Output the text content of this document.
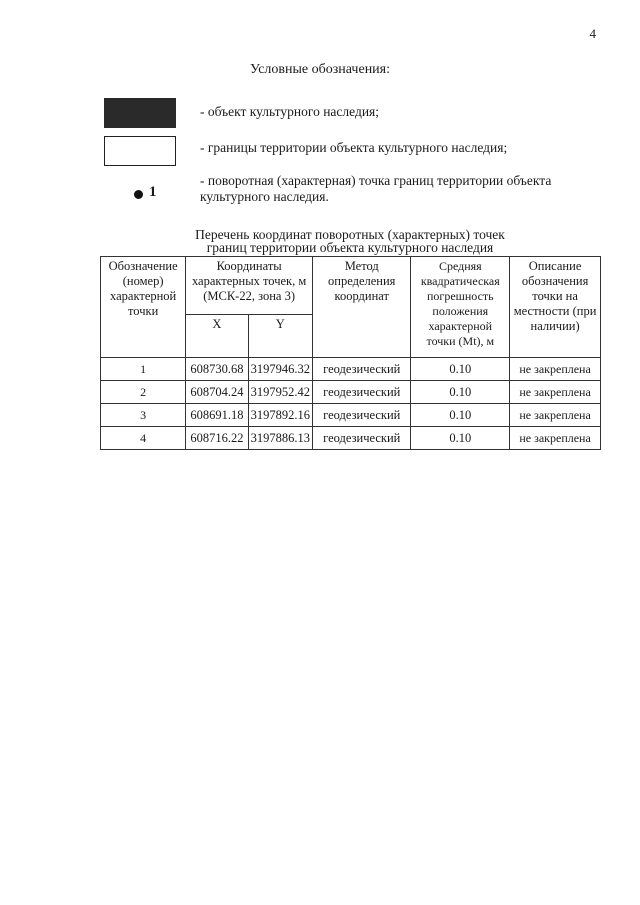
4
Условные обозначения:
- объект культурного наследия;
- границы территории объекта культурного наследия;
1
- поворотная (характерная) точка границ территории объекта культурного наследия.
Перечень координат поворотных (характерных) точек
границ территории объекта культурного наследия
Обозначение (номер) характерной точки	Координаты характерных точек, м (МСК-22, зона 3)		Метод определения координат	Средняя квадратическая погрешность положения характерной точки (Mt), м	Описание обозначения точки на местности (при наличии)
	X	Y			
1	608730.68	3197946.32	геодезический	0.10	не закреплена
2	608704.24	3197952.42	геодезический	0.10	не закреплена
3	608691.18	3197892.16	геодезический	0.10	не закреплена
4	608716.22	3197886.13	геодезический	0.10	не закреплена
